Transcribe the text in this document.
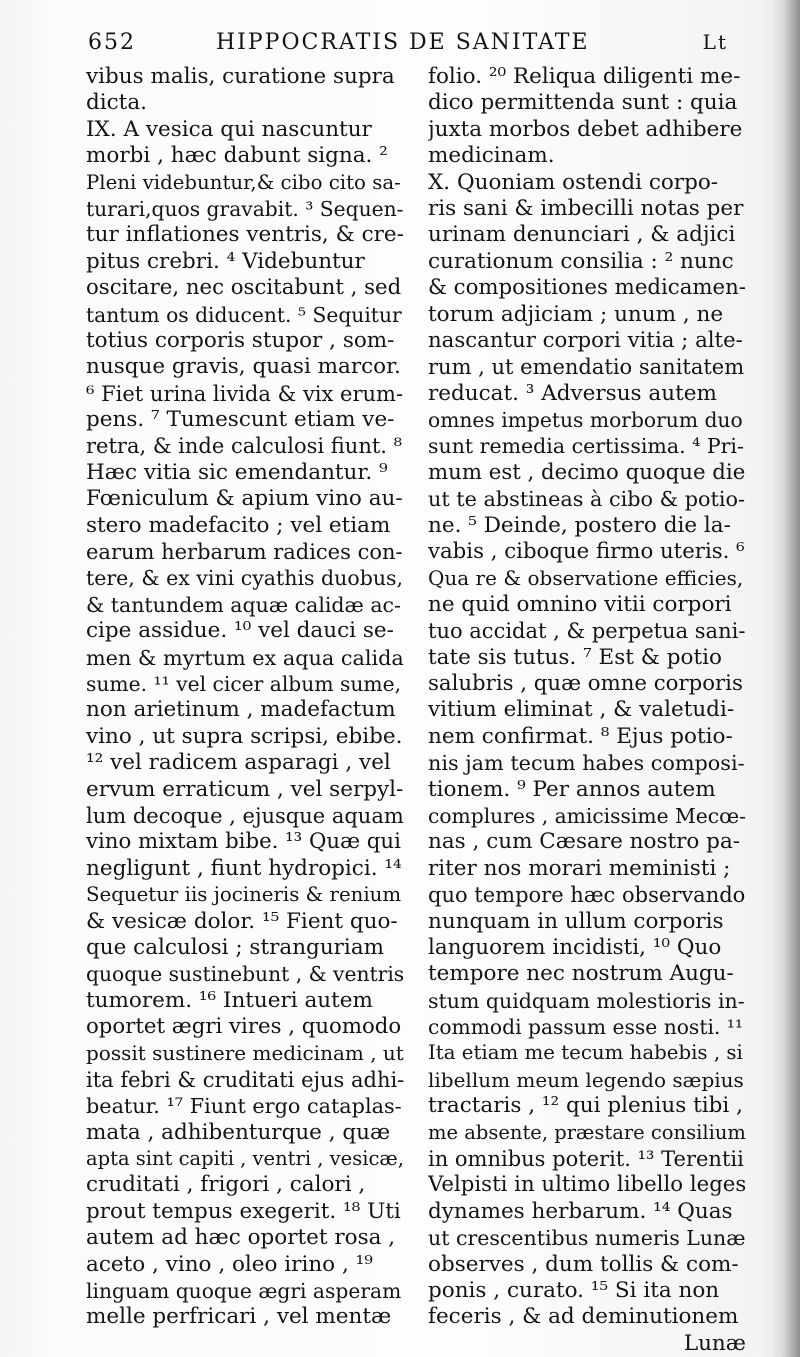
652	HIPPOCRATIS DE SANITATE	Lt
vibus malis, curatione supra
dicta.
IX. A vesica qui nascuntur
morbi , hæc dabunt signa. ²
Pleni videbuntur,& cibo cito sa-
turari,quos gravabit. ³ Sequen-
tur inflationes ventris, & cre-
pitus crebri. ⁴ Videbuntur
oscitare, nec oscitabunt , sed
tantum os diducent. ⁵ Sequitur
totius corporis stupor , som-
nusque gravis, quasi marcor.
⁶ Fiet urina livida & vix erum-
pens. ⁷ Tumescunt etiam ve-
retra, & inde calculosi fiunt. ⁸
Hæc vitia sic emendantur. ⁹
Fœniculum & apium vino au-
stero madefacito ; vel etiam
earum herbarum radices con-
tere, & ex vini cyathis duobus,
& tantundem aquæ calidæ ac-
cipe assidue. ¹⁰ vel dauci se-
men & myrtum ex aqua calida
sume. ¹¹ vel cicer album sume,
non arietinum , madefactum
vino , ut supra scripsi, ebibe.
¹² vel radicem asparagi , vel
ervum erraticum , vel serpyl-
lum decoque , ejusque aquam
vino mixtam bibe. ¹³ Quæ qui
negligunt , fiunt hydropici. ¹⁴
Sequetur iis jocineris & renium
& vesicæ dolor. ¹⁵ Fient quo-
que calculosi ; stranguriam
quoque sustinebunt , & ventris
tumorem. ¹⁶ Intueri autem
oportet ægri vires , quomodo
possit sustinere medicinam , ut
ita febri & cruditati ejus adhi-
beatur. ¹⁷ Fiunt ergo cataplas-
mata , adhibenturque , quæ
apta sint capiti , ventri , vesicæ,
cruditati , frigori , calori ,
prout tempus exegerit. ¹⁸ Uti
autem ad hæc oportet rosa ,
aceto , vino , oleo irino , ¹⁹
linguam quoque ægri asperam
melle perfricari , vel mentæ
folio. ²⁰ Reliqua diligenti me-
dico permittenda sunt : quia
juxta morbos debet adhibere
medicinam.
X. Quoniam ostendi corpo-
ris sani & imbecilli notas per
urinam denunciari , & adjici
curationum consilia : ² nunc
& compositiones medicamen-
torum adjiciam ; unum , ne
nascantur corpori vitia ; alte-
rum , ut emendatio sanitatem
reducat. ³ Adversus autem
omnes impetus morborum duo
sunt remedia certissima. ⁴ Pri-
mum est , decimo quoque die
ut te abstineas à cibo & potio-
ne. ⁵ Deinde, postero die la-
vabis , ciboque firmo uteris. ⁶
Qua re & observatione efficies,
ne quid omnino vitii corpori
tuo accidat , & perpetua sani-
tate sis tutus. ⁷ Est & potio
salubris , quæ omne corporis
vitium eliminat , & valetudi-
nem confirmat. ⁸ Ejus potio-
nis jam tecum habes composi-
tionem. ⁹ Per annos autem
complures , amicissime Mecœ-
nas , cum Cæsare nostro pa-
riter nos morari meministi ;
quo tempore hæc observando
nunquam in ullum corporis
languorem incidisti, ¹⁰ Quo
tempore nec nostrum Augu-
stum quidquam molestioris in-
commodi passum esse nosti. ¹¹
Ita etiam me tecum habebis , si
libellum meum legendo sæpius
tractaris , ¹² qui plenius tibi ,
me absente, præstare consilium
in omnibus poterit. ¹³ Terentii
Velpisti in ultimo libello leges
dynames herbarum. ¹⁴ Quas
ut crescentibus numeris Lunæ
observes , dum tollis & com-
ponis , curato. ¹⁵ Si ita non
feceris , & ad deminutionem
Lunæ
